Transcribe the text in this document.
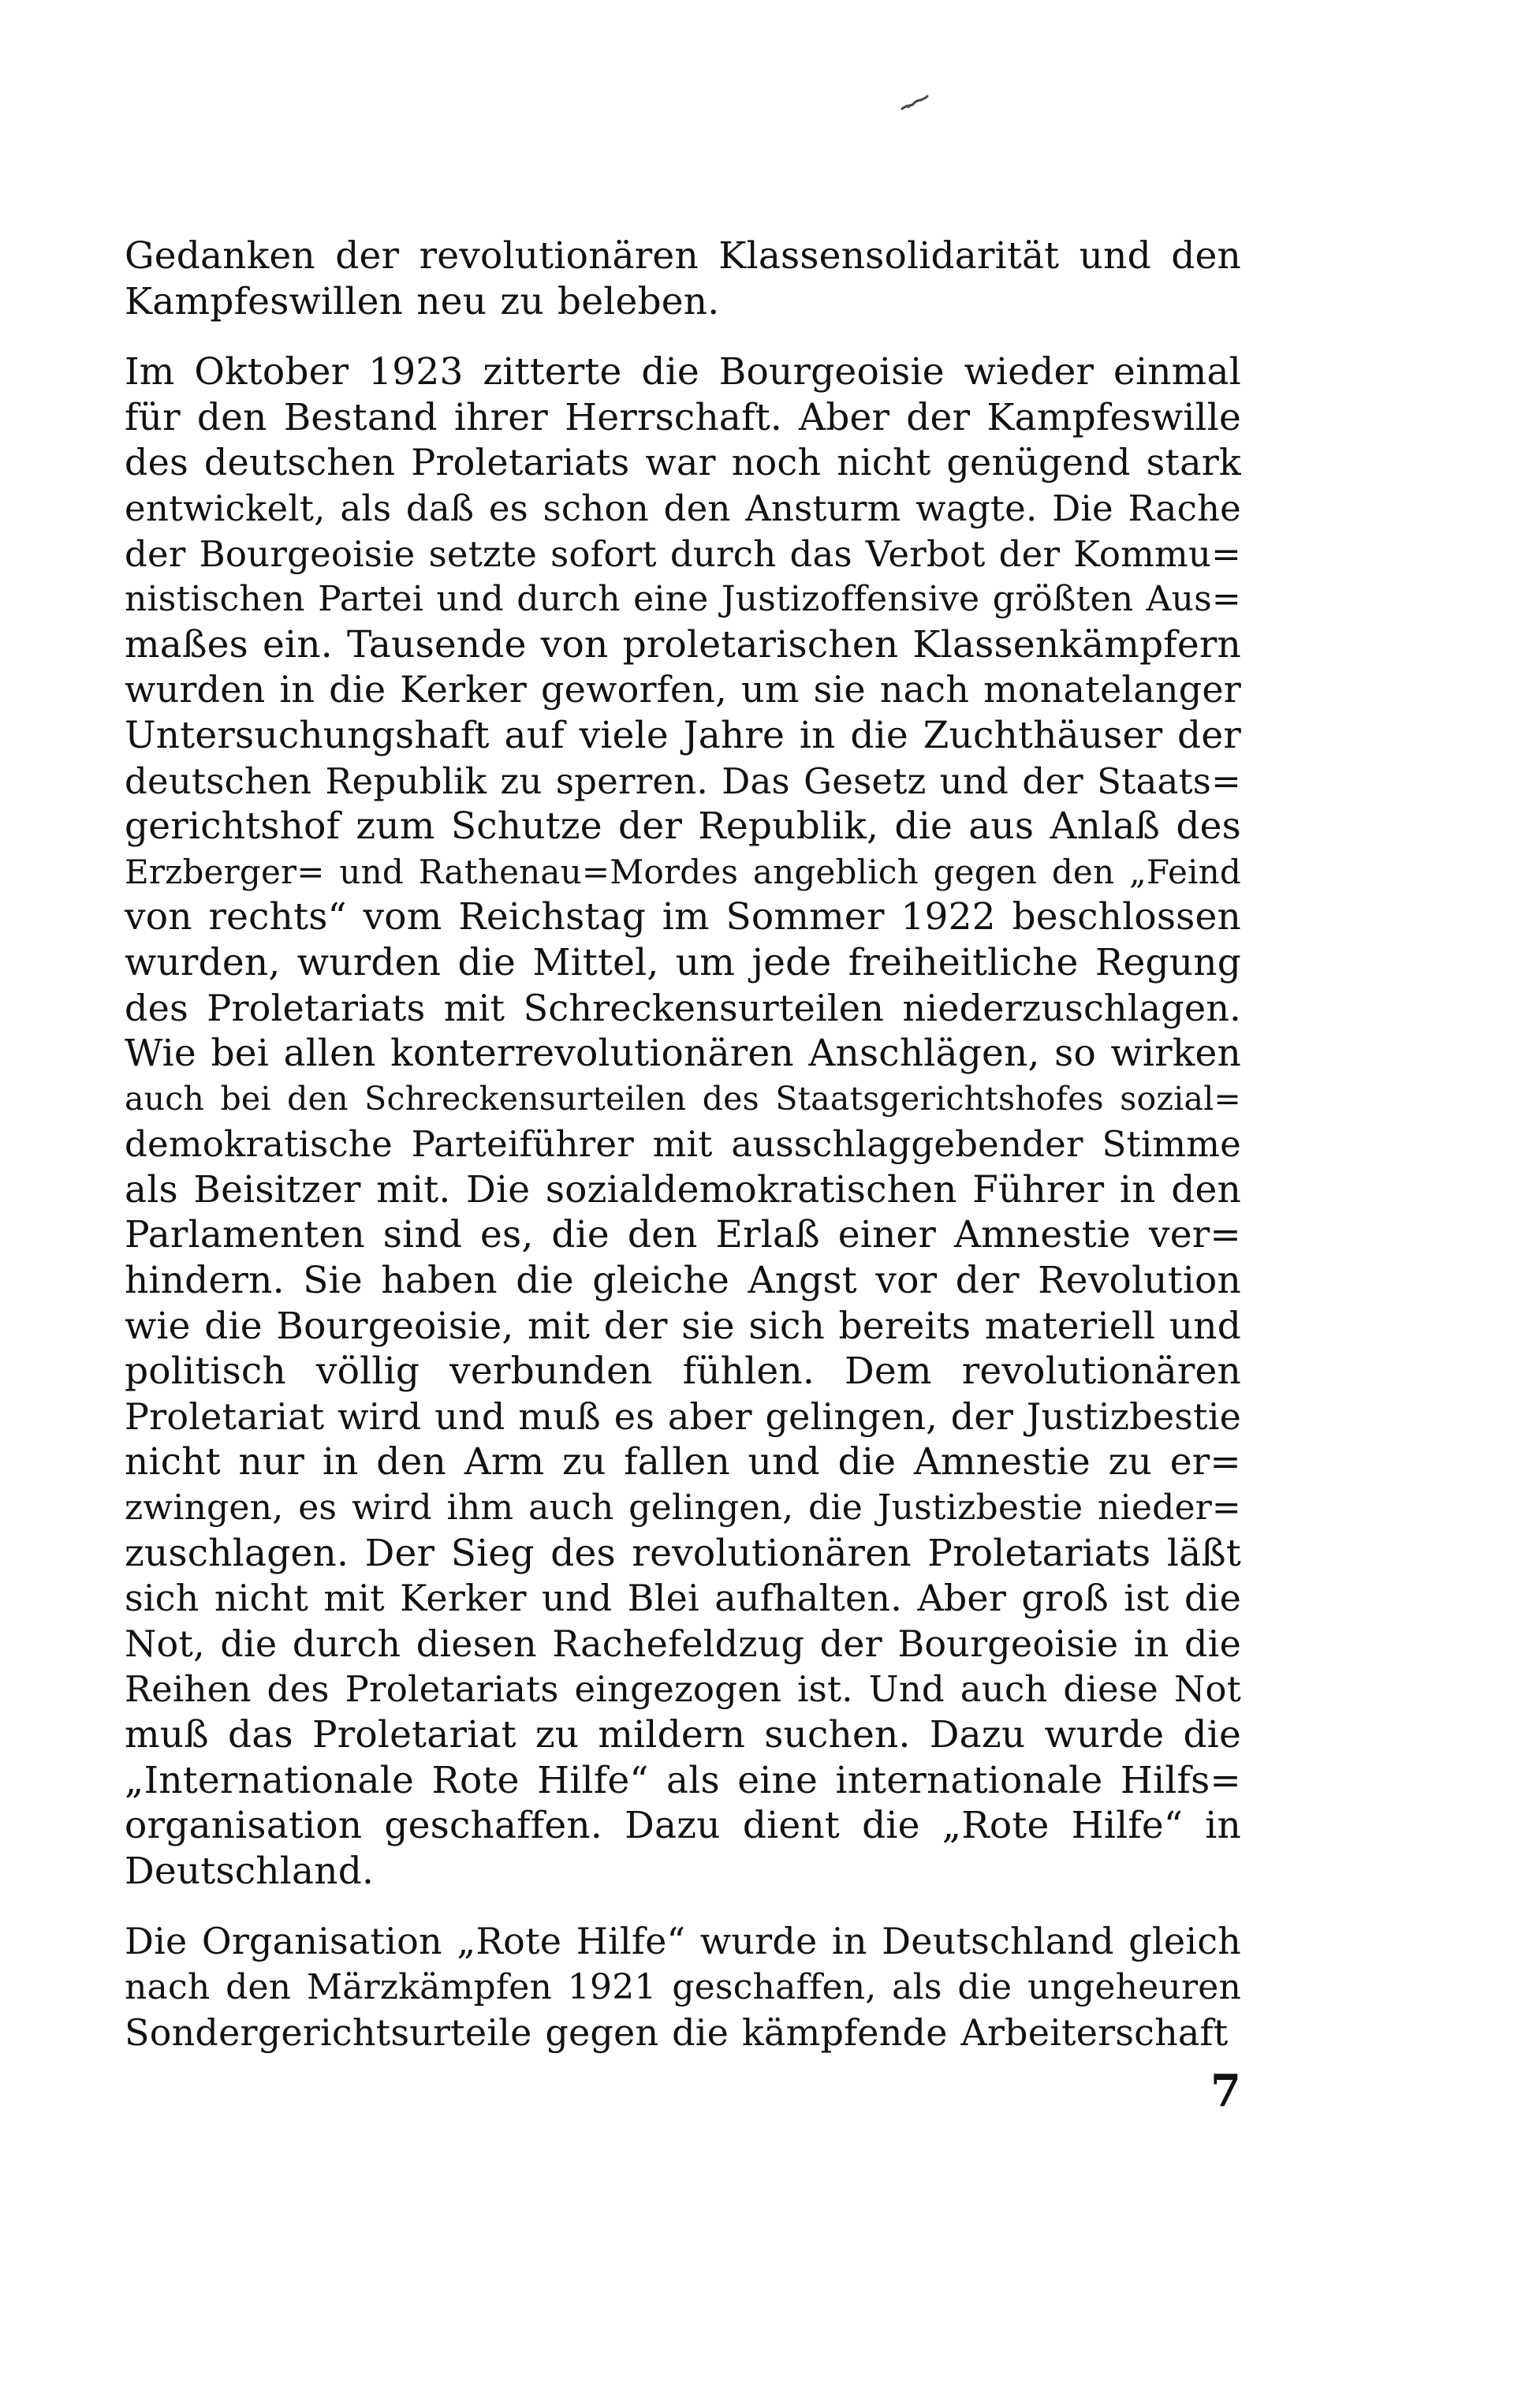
Gedanken der revolutionären Klassensolidarität und den
Kampfeswillen neu zu beleben.

Im Oktober 1923 zitterte die Bourgeoisie wieder einmal
für den Bestand ihrer Herrschaft. Aber der Kampfeswille
des deutschen Proletariats war noch nicht genügend stark
entwickelt, als daß es schon den Ansturm wagte. Die Rache
der Bourgeoisie setzte sofort durch das Verbot der Kommu=
nistischen Partei und durch eine Justizoffensive größten Aus=
maßes ein. Tausende von proletarischen Klassenkämpfern
wurden in die Kerker geworfen, um sie nach monatelanger
Untersuchungshaft auf viele Jahre in die Zuchthäuser der
deutschen Republik zu sperren. Das Gesetz und der Staats=
gerichtshof zum Schutze der Republik, die aus Anlaß des
Erzberger= und Rathenau=Mordes angeblich gegen den „Feind
von rechts“ vom Reichstag im Sommer 1922 beschlossen
wurden, wurden die Mittel, um jede freiheitliche Regung
des Proletariats mit Schreckensurteilen niederzuschlagen.
Wie bei allen konterrevolutionären Anschlägen, so wirken
auch bei den Schreckensurteilen des Staatsgerichtshofes sozial=
demokratische Parteiführer mit ausschlaggebender Stimme
als Beisitzer mit. Die sozialdemokratischen Führer in den
Parlamenten sind es, die den Erlaß einer Amnestie ver=
hindern. Sie haben die gleiche Angst vor der Revolution
wie die Bourgeoisie, mit der sie sich bereits materiell und
politisch völlig verbunden fühlen. Dem revolutionären
Proletariat wird und muß es aber gelingen, der Justizbestie
nicht nur in den Arm zu fallen und die Amnestie zu er=
zwingen, es wird ihm auch gelingen, die Justizbestie nieder=
zuschlagen. Der Sieg des revolutionären Proletariats läßt
sich nicht mit Kerker und Blei aufhalten. Aber groß ist die
Not, die durch diesen Rachefeldzug der Bourgeoisie in die
Reihen des Proletariats eingezogen ist. Und auch diese Not
muß das Proletariat zu mildern suchen. Dazu wurde die
„Internationale Rote Hilfe“ als eine internationale Hilfs=
organisation geschaffen. Dazu dient die „Rote Hilfe“ in
Deutschland.

Die Organisation „Rote Hilfe“ wurde in Deutschland gleich
nach den Märzkämpfen 1921 geschaffen, als die ungeheuren
Sondergerichtsurteile gegen die kämpfende Arbeiterschaft

7
